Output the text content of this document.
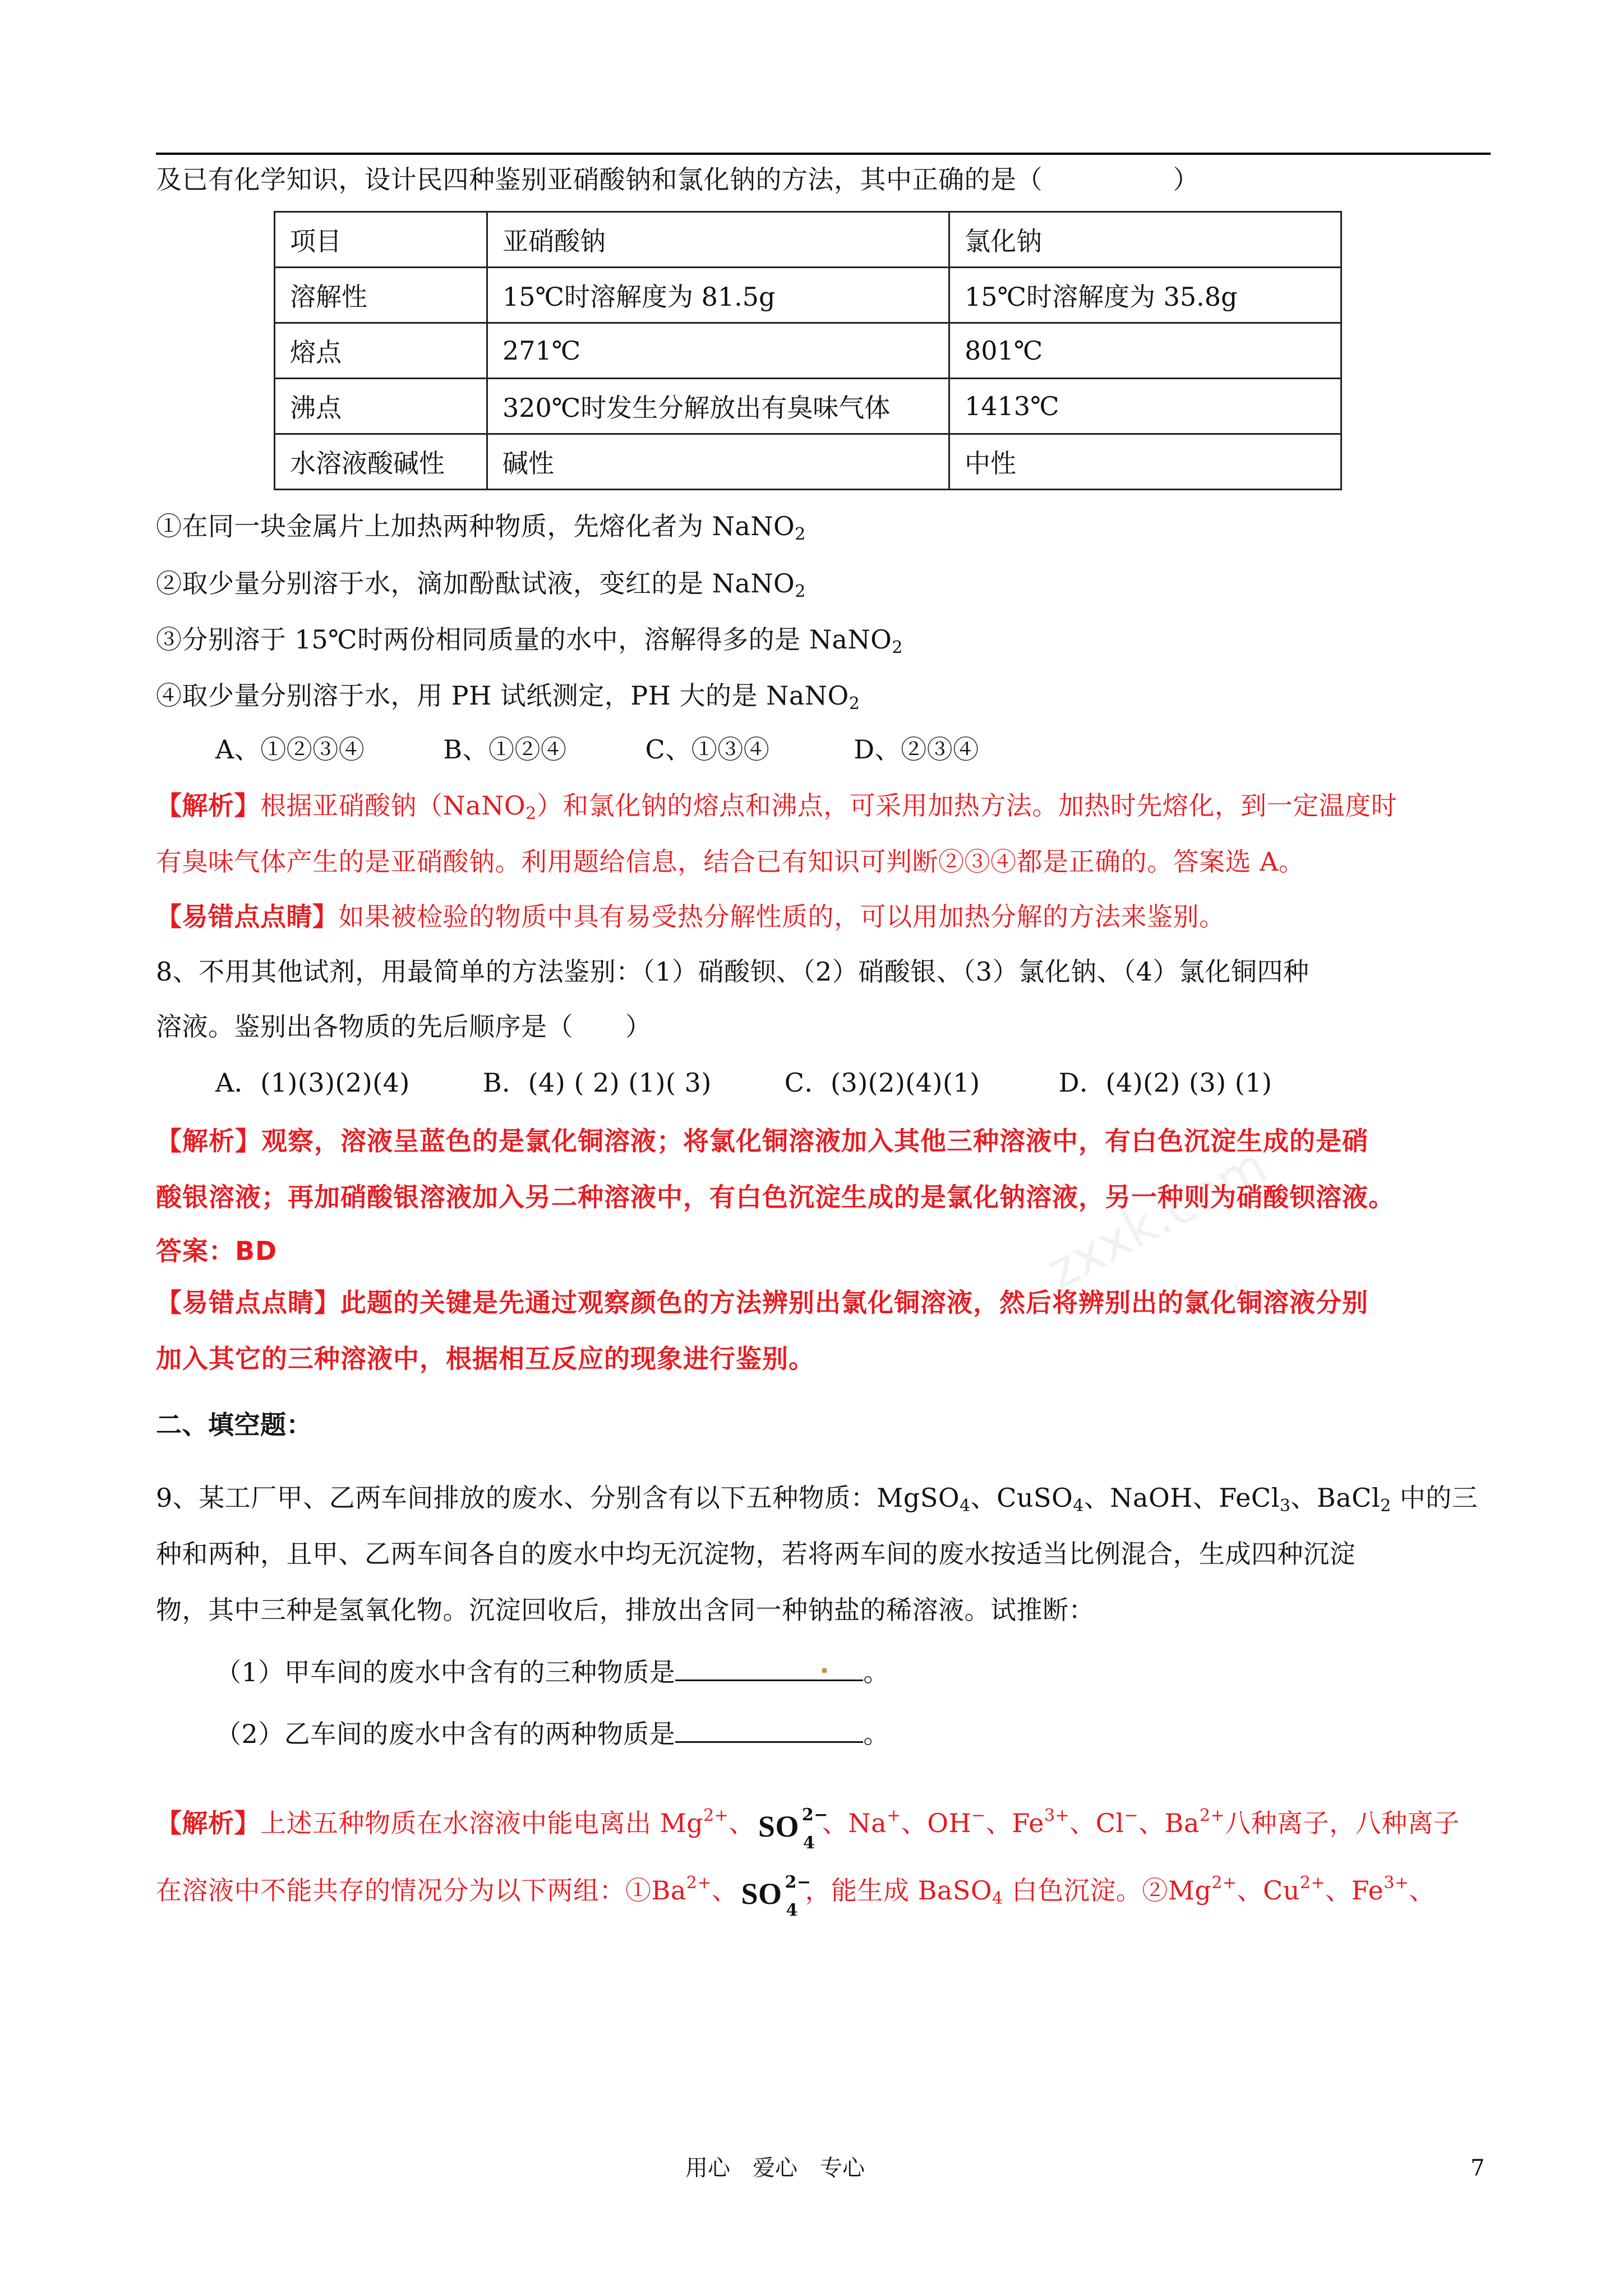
及已有化学知识，设计民四种鉴别亚硝酸钠和氯化钠的方法，其中正确的是（　　　　　）
项目	亚硝酸钠	氯化钠
溶解性	15℃时溶解度为 81.5g	15℃时溶解度为 35.8g
熔点	271℃	801℃
沸点	320℃时发生分解放出有臭味气体	1413℃
水溶液酸碱性	碱性	中性
①在同一块金属片上加热两种物质，先熔化者为 NaNO$_2$
②取少量分别溶于水，滴加酚酞试液，变红的是 NaNO$_2$
③分别溶于 15℃时两份相同质量的水中，溶解得多的是 NaNO$_2$
④取少量分别溶于水，用 PH 试纸测定，PH 大的是 NaNO$_2$
A、①②③④	B、①②④	C、①③④	D、②③④
【解析】根据亚硝酸钠（NaNO$_2$）和氯化钠的熔点和沸点，可采用加热方法。加热时先熔化，到一定温度时
有臭味气体产生的是亚硝酸钠。利用题给信息，结合已有知识可判断②③④都是正确的。答案选 A。
【易错点点睛】如果被检验的物质中具有易受热分解性质的，可以用加热分解的方法来鉴别。
8、不用其他试剂，用最简单的方法鉴别：（1）硝酸钡、（2）硝酸银、（3）氯化钠、（4）氯化铜四种
溶液。鉴别出各物质的先后顺序是（　　）
A．(1)(3)(2)(4)	B．(4) ( 2) (1)( 3)	C．(3)(2)(4)(1)	D．(4)(2) (3) (1)
zxxk.com
【解析】观察，溶液呈蓝色的是氯化铜溶液；将氯化铜溶液加入其他三种溶液中，有白色沉淀生成的是硝
酸银溶液；再加硝酸银溶液加入另二种溶液中，有白色沉淀生成的是氯化钠溶液，另一种则为硝酸钡溶液。
答案：BD
【易错点点睛】此题的关键是先通过观察颜色的方法辨别出氯化铜溶液，然后将辨别出的氯化铜溶液分别
加入其它的三种溶液中，根据相互反应的现象进行鉴别。
二、填空题：
9、某工厂甲、乙两车间排放的废水、分别含有以下五种物质：MgSO$_4$、CuSO$_4$、NaOH、FeCl$_3$、BaCl$_2$ 中的三
种和两种，且甲、乙两车间各自的废水中均无沉淀物，若将两车间的废水按适当比例混合，生成四种沉淀
物，其中三种是氢氧化物。沉淀回收后，排放出含同一种钠盐的稀溶液。试推断：
（1）甲车间的废水中含有的三种物质是	。
（2）乙车间的废水中含有的两种物质是	。
【解析】上述五种物质在水溶液中能电离出 $Mg^{2+}$、 SO 2−
4
、Na+、OH−、$Fe^{3+}$、Cl−、$Ba^{2+}$八种离子，八种离子
在溶液中不能共存的情况分为以下两组：$①Ba^{2+}$、 SO 2−
4
，能生成 BaSO$_4$ 白色沉淀。$②Mg^{2+}$、$Cu^{2+}$、$Fe^{3+}$、
用心　爱心　专心	7
